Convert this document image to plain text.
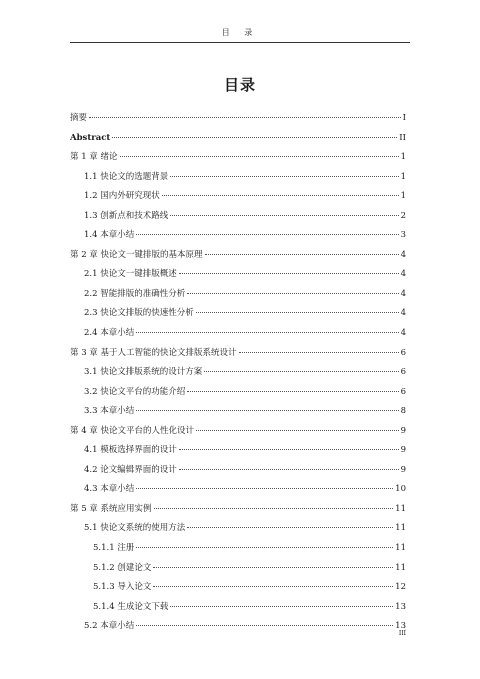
目 录
目录
摘要	I
Abstract	II
第 1 章 绪论	1
1.1 快论文的选题背景	1
1.2 国内外研究现状	1
1.3 创新点和技术路线	2
1.4 本章小结	3
第 2 章 快论文一键排版的基本原理	4
2.1 快论文一键排版概述	4
2.2 智能排版的准确性分析	4
2.3 快论文排版的快速性分析	4
2.4 本章小结	4
第 3 章 基于人工智能的快论文排版系统设计	6
3.1 快论文排版系统的设计方案	6
3.2 快论文平台的功能介绍	6
3.3 本章小结	8
第 4 章 快论文平台的人性化设计	9
4.1 模板选择界面的设计	9
4.2 论文编辑界面的设计	9
4.3 本章小结	10
第 5 章 系统应用实例	11
5.1 快论文系统的使用方法	11
5.1.1 注册	11
5.1.2 创建论文	11
5.1.3 导入论文	12
5.1.4 生成论文下载	13
5.2 本章小结	13
III
